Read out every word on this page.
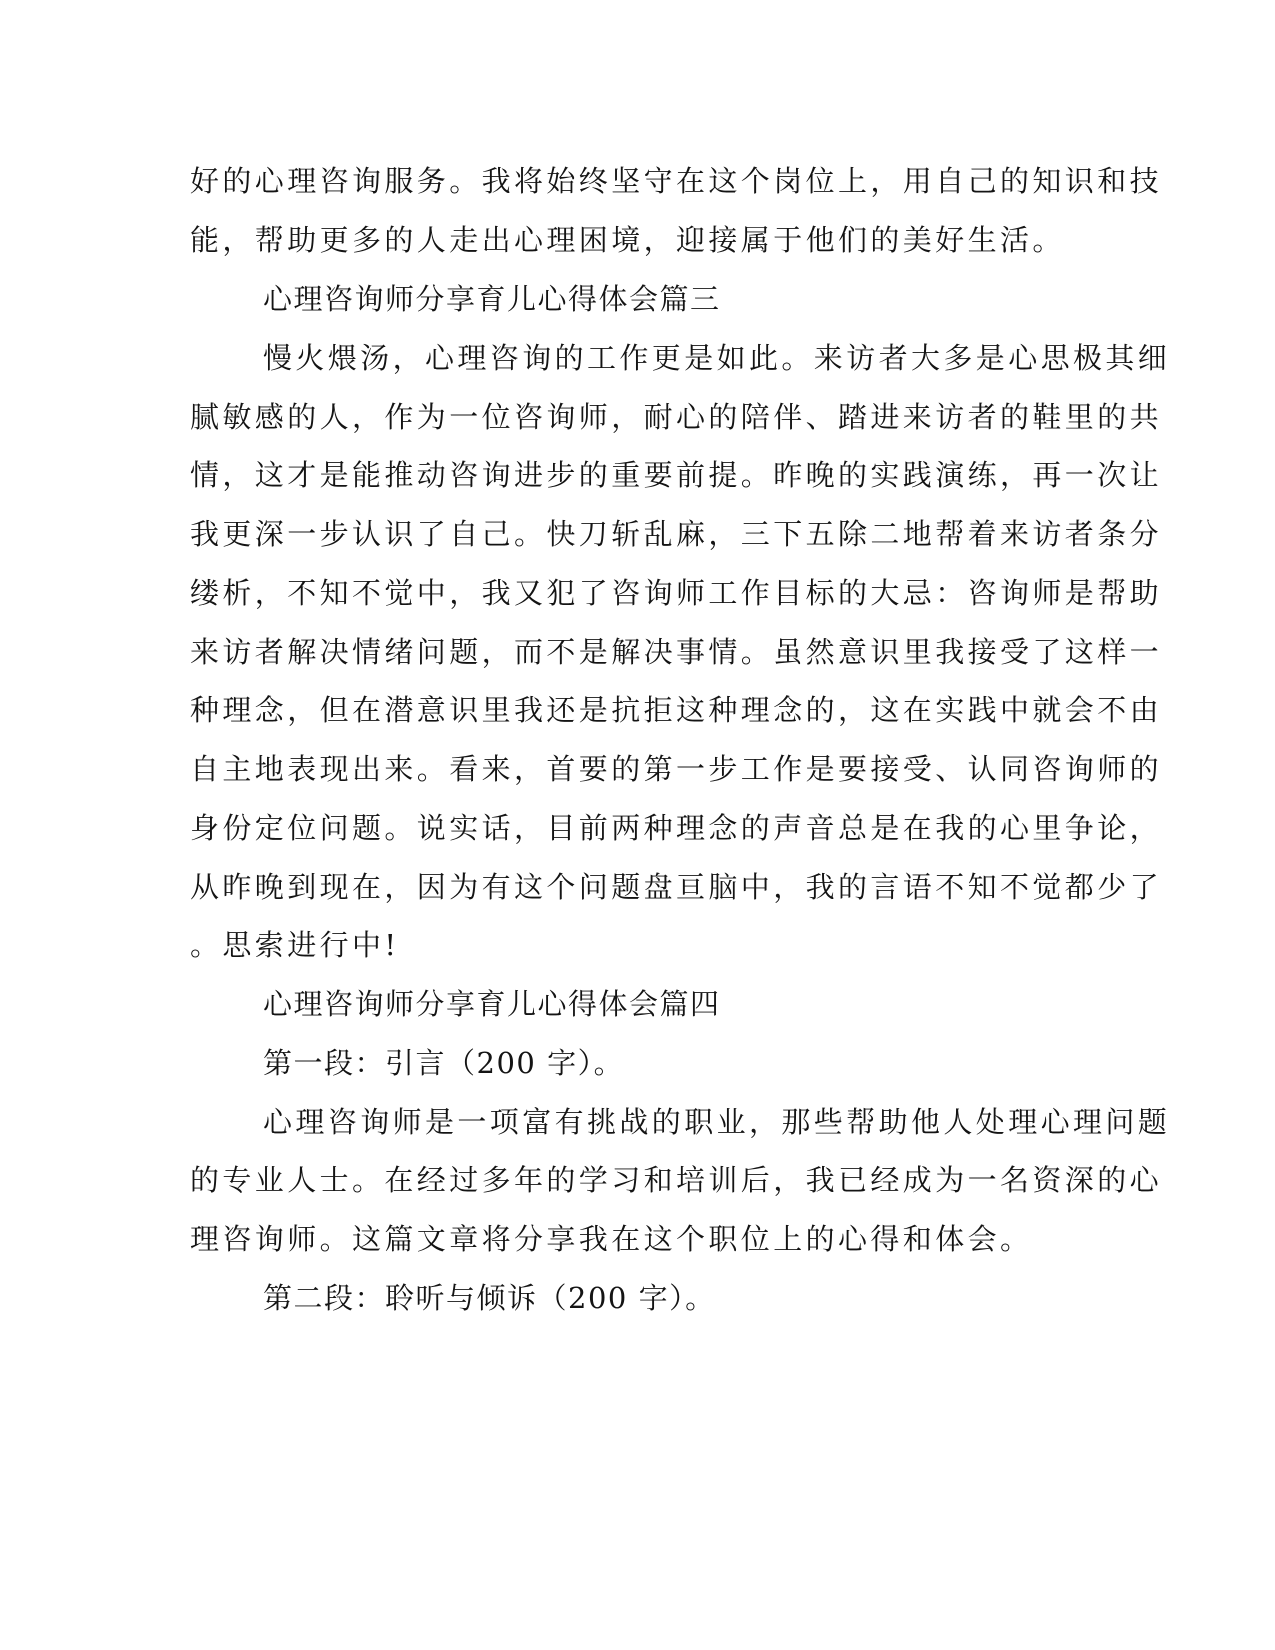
好的心理咨询服务。我将始终坚守在这个岗位上，用自己的知识和技
能，帮助更多的人走出心理困境，迎接属于他们的美好生活。
心理咨询师分享育儿心得体会篇三
慢火煨汤，心理咨询的工作更是如此。来访者大多是心思极其细
腻敏感的人，作为一位咨询师，耐心的陪伴、踏进来访者的鞋里的共
情，这才是能推动咨询进步的重要前提。昨晚的实践演练，再一次让
我更深一步认识了自己。快刀斩乱麻，三下五除二地帮着来访者条分
缕析，不知不觉中，我又犯了咨询师工作目标的大忌：咨询师是帮助
来访者解决情绪问题，而不是解决事情。虽然意识里我接受了这样一
种理念，但在潜意识里我还是抗拒这种理念的，这在实践中就会不由
自主地表现出来。看来，首要的第一步工作是要接受、认同咨询师的
身份定位问题。说实话，目前两种理念的声音总是在我的心里争论，
从昨晚到现在，因为有这个问题盘亘脑中，我的言语不知不觉都少了
。思索进行中!
心理咨询师分享育儿心得体会篇四
第一段：引言（200 字）。
心理咨询师是一项富有挑战的职业，那些帮助他人处理心理问题
的专业人士。在经过多年的学习和培训后，我已经成为一名资深的心
理咨询师。这篇文章将分享我在这个职位上的心得和体会。
第二段：聆听与倾诉（200 字）。
